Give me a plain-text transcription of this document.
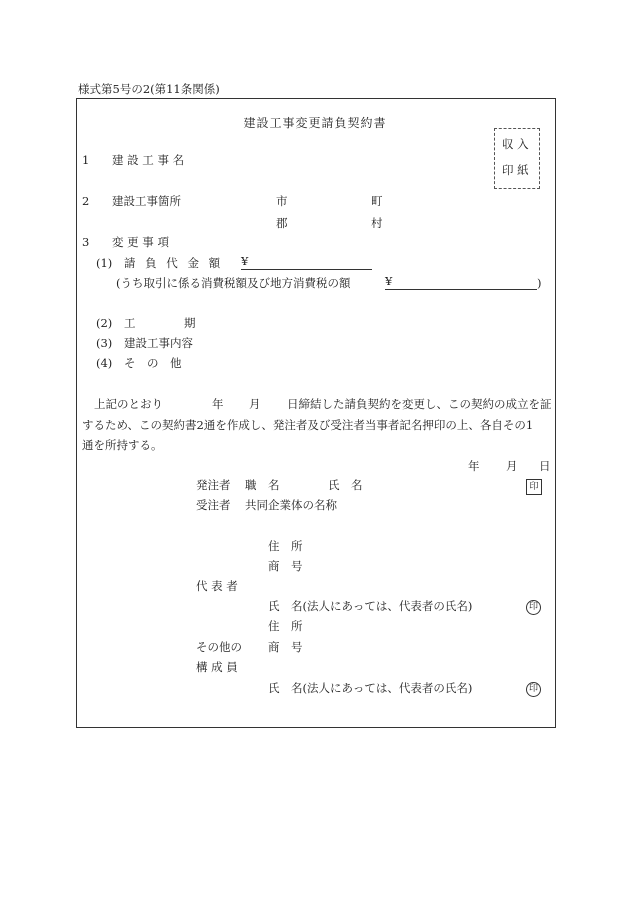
様式第5号の2(第11条関係)
建設工事変更請負契約書
収 入
印 紙
1 建 設 工 事 名
2 建設工事箇所	市	町
郡	村
3 変 更 事 項
(1) 請 負 代 金 額 ¥
(うち取引に係る消費税額及び地方消費税の額	¥	)
(2) 工	期
(3) 建設工事内容
(4) そ　の　他
上記のとおり	年 月 日締結した請負契約を変更し、この契約の成立を証
するため、この契約書2通を作成し、発注者及び受注者当事者記名押印の上、各自その1
通を所持する。
年 月 日
発注者 職　名	氏　名	印
受注者 共同企業体の名称
住　所
商　号
代 表 者
氏　名(法人にあっては、代表者の氏名)	印
住　所
その他の 商　号
構 成 員
氏　名(法人にあっては、代表者の氏名)	印
